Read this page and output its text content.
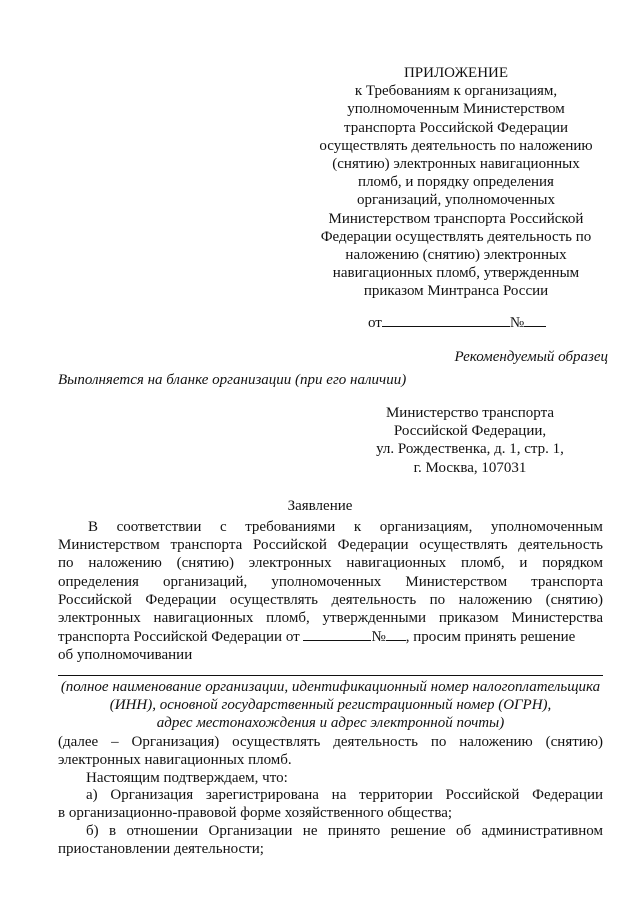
ПРИЛОЖЕНИЕ
к Требованиям к организациям,
уполномоченным Министерством
транспорта Российской Федерации
осуществлять деятельность по наложению
(снятию) электронных навигационных
пломб, и порядку определения
организаций, уполномоченных
Министерством транспорта Российской
Федерации осуществлять деятельность по
наложению (снятию) электронных
навигационных пломб, утвержденным
приказом Минтранса России
от	№
Рекомендуемый образец
Выполняется на бланке организации (при его наличии)
Министерство транспорта
Российской Федерации,
ул. Рождественка, д. 1, стр. 1,
г. Москва, 107031
Заявление
В соответствии с требованиями к организациям, уполномоченным
Министерством транспорта Российской Федерации осуществлять деятельность
по наложению (снятию) электронных навигационных пломб, и порядком
определения организаций, уполномоченных Министерством транспорта
Российской Федерации осуществлять деятельность по наложению (снятию)
электронных навигационных пломб, утвержденными приказом Министерства
транспорта Российской Федерации от	№ , просим принять решение
об уполномочивании
(полное наименование организации, идентификационный номер налогоплательщика
(ИНН), основной государственный регистрационный номер (ОГРН),
адрес местонахождения и адрес электронной почты)
(далее – Организация) осуществлять деятельность по наложению (снятию)
электронных навигационных пломб.
Настоящим подтверждаем, что:
а) Организация зарегистрирована на территории Российской Федерации
в организационно-правовой форме хозяйственного общества;
б) в отношении Организации не принято решение об административном
приостановлении деятельности;
